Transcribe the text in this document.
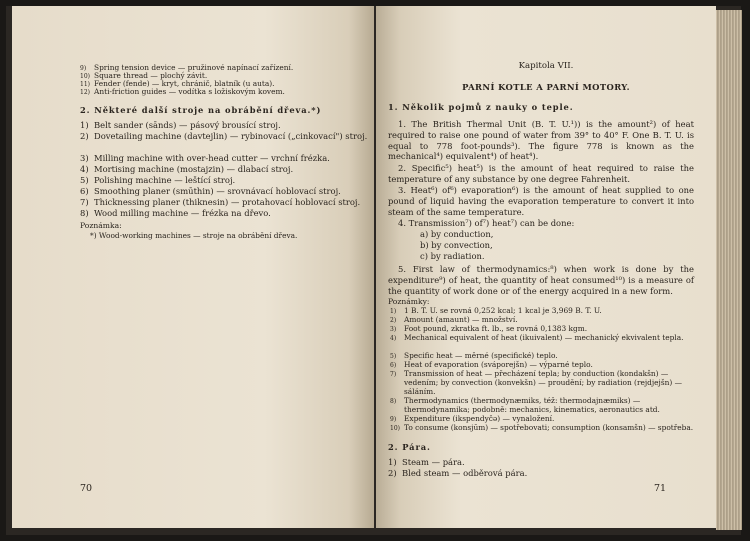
9) Spring tension device — pružinové napínací zařízení.
10) Square thread — plochý závit.
11) Fender (fende) — kryt, chránič, blatník (u auta).
12) Anti-friction guides — vodítka s ložiskovým kovem.
2. Některé další stroje na obrábění dřeva.*)
1) Belt sander (sānds) — pásový brousící stroj.
2) Dovetailing machine (davtejlin) — rybinovací („cinkovací") stroj.
3) Milling machine with over-head cutter — vrchní frézka.
4) Mortising machine (mostajzin) — dlabací stroj.
5) Polishing machine — leštící stroj.
6) Smoothing planer (smūthin) — srovnávací hoblovací stroj.
7) Thicknessing planer (thiknesin) — protahovací hoblovací stroj.
8) Wood milling machine — frézka na dřevo.
Poznámka:
*) Wood-working machines — stroje na obrábění dřeva.
70
Kapitola VII.
PARNÍ KOTLE A PARNÍ MOTORY.
1. Několik pojmů z nauky o teple.
1. The British Thermal Unit (B. T. U.¹)) is the amount²) of heat required to raise one pound of water from 39° to 40° F. One B. T. U. is equal to 778 foot-pounds³). The figure 778 is known as the mechanical⁴) equivalent⁴) of heat⁴).
2. Specific⁵) heat⁵) is the amount of heat required to raise the temperature of any substance by one degree Fahrenheit.
3. Heat⁶) of⁶) evaporation⁶) is the amount of heat supplied to one pound of liquid having the evaporation temperature to convert it into steam of the same temperature.
4. Transmission⁷) of⁷) heat⁷) can be done:
a) by conduction,
b) by convection,
c) by radiation.
5. First law of thermodynamics:⁸) when work is done by the expenditure⁹) of heat, the quantity of heat consumed¹⁰) is a measure of the quantity of work done or of the energy acquired in a new form.
Poznámky:
1) 1 B. T. U. se rovná 0,252 kcal; 1 kcal je 3,969 B. T. U.
2) Amount (amaunt) — množství.
3) F͏oot pound, zkratka ft. lb., se rovná 0,1383 kgm.
4) Mechanical equivalent of heat (ikuivalent) — mechanický ekvivalent tepla.
5) Specific heat — měrné (specifické) teplo.
6) Heat of evaporation (sváporejšn) — výparné teplo.
7) Transmission of heat — přecházení tepla; by conduction (kondakšn) — vedením; by convection (konvekšn) — proudění; by radiation (rejdjejšn) — sáláním.
8) Thermodynamics (thermodynæmiks, též: thermodajnæmiks) — thermodynamika; podobně: mechanics, kinematics, aeronautics atd.
9) Expenditure (ikspendyčə) — vynaložení.
10) To consume (konsjūm) — spotřebovati; consumption (konsamšn) — spotřeba.
2. Pára.
1) Steam — pára.
2) Bled steam — odběrová pára.
71
